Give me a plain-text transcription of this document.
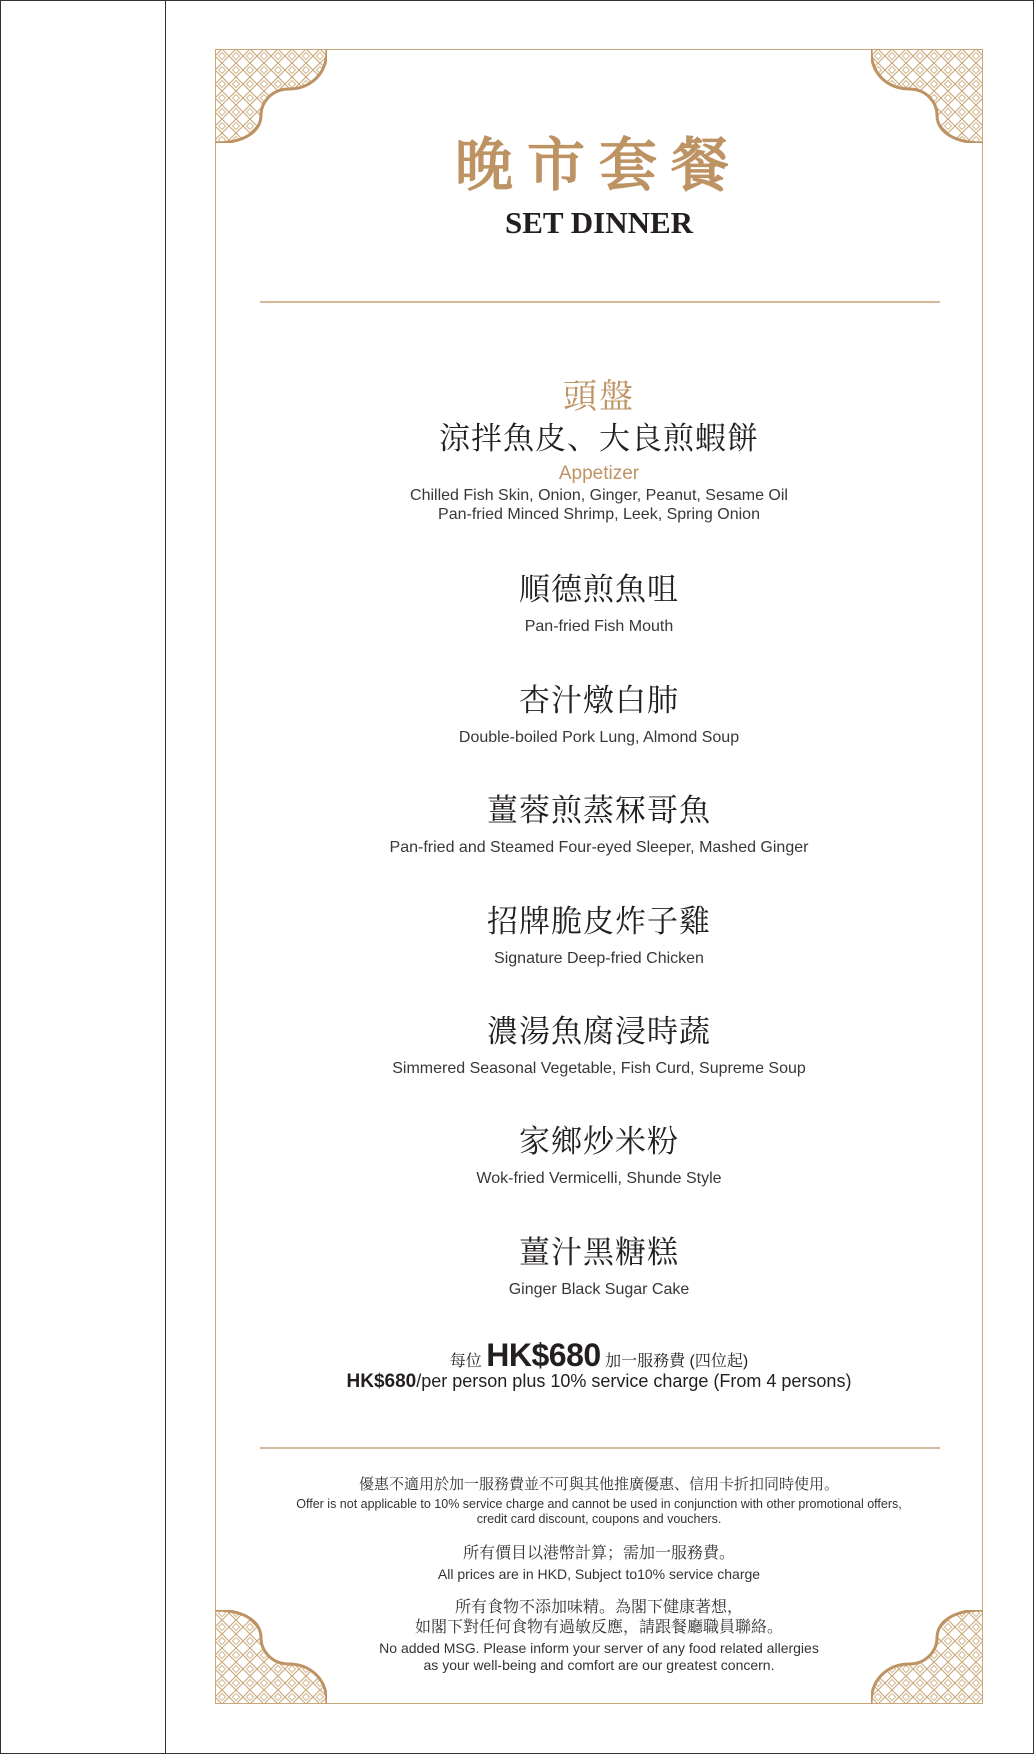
晚市套餐
SET DINNER
頭盤
涼拌魚皮、大良煎蝦餅
Appetizer
Chilled Fish Skin, Onion, Ginger, Peanut, Sesame Oil
Pan-fried Minced Shrimp, Leek, Spring Onion
順德煎魚咀
Pan-fried Fish Mouth
杏汁燉白肺
Double-boiled Pork Lung, Almond Soup
薑蓉煎蒸冧哥魚
Pan-fried and Steamed Four-eyed Sleeper, Mashed Ginger
招牌脆皮炸子雞
Signature Deep-fried Chicken
濃湯魚腐浸時蔬
Simmered Seasonal Vegetable, Fish Curd, Supreme Soup
家鄉炒米粉
Wok-fried Vermicelli, Shunde Style
薑汁黑糖糕
Ginger Black Sugar Cake
每位 HK$680 加一服務費 (四位起)
HK$680/per person plus 10% service charge (From 4 persons)
優惠不適用於加一服務費並不可與其他推廣優惠、信用卡折扣同時使用。
Offer is not applicable to 10% service charge and cannot be used in conjunction with other promotional offers,
credit card discount, coupons and vouchers.
所有價目以港幣計算；需加一服務費。
All prices are in HKD, Subject to10% service charge
所有食物不添加味精。為閣下健康著想，
如閣下對任何食物有過敏反應，請跟餐廳職員聯絡。
No added MSG. Please inform your server of any food related allergies
as your well-being and comfort are our greatest concern.
